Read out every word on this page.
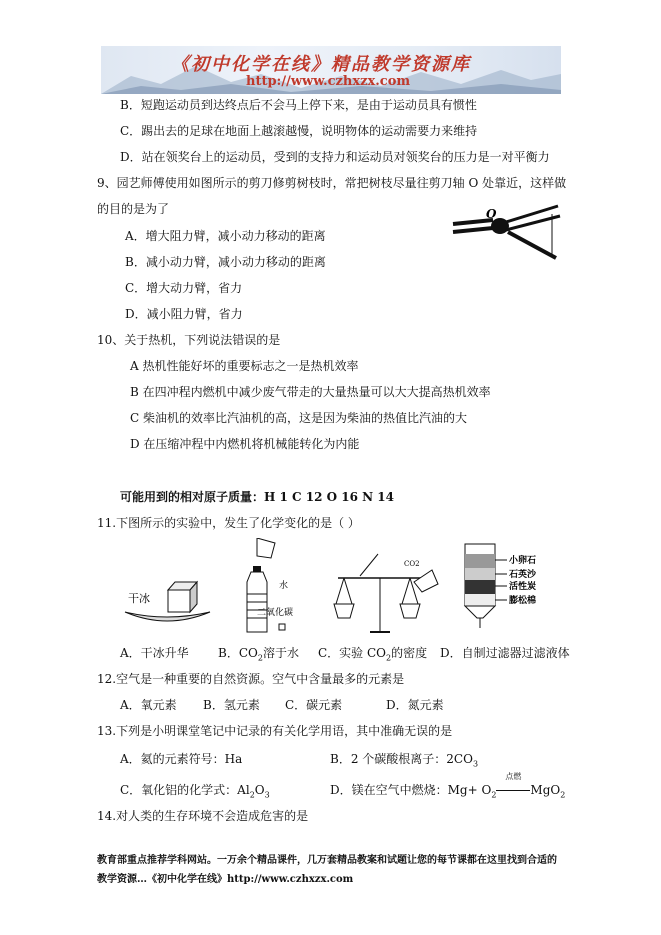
《初中化学在线》精品教学资源库
http://www.czhxzx.com
B．短跑运动员到达终点后不会马上停下来，是由于运动员具有惯性
C．踢出去的足球在地面上越滚越慢，说明物体的运动需要力来维持
D．站在领奖台上的运动员，受到的支持力和运动员对领奖台的压力是一对平衡力
9、园艺师傅使用如图所示的剪刀修剪树枝时，常把树枝尽量往剪刀轴 O 处靠近，这样做
的目的是为了
A．增大阻力臂，减小动力移动的距离
B．减小动力臂，减小动力移动的距离
C．增大动力臂，省力
D．减小阻力臂，省力
O
10、关于热机，下列说法错误的是
A 热机性能好坏的重要标志之一是热机效率
B 在四冲程内燃机中减少废气带走的大量热量可以大大提高热机效率
C 柴油机的效率比汽油机的高，这是因为柴油的热值比汽油的大
D 在压缩冲程中内燃机将机械能转化为内能
可能用到的相对原子质量：H 1 C 12 O 16 N 14
11.下图所示的实验中，发生了化学变化的是（ ）
干冰
水
二氧化碳
CO2	小卵石
石英沙
活性炭
膨松棉
A．干冰升华 B．$CO_2$溶于水 C．实验 $CO_2$的密度 D．自制过滤器过滤液体
12.空气是一种重要的自然资源。空气中含量最多的元素是
A．氧元素 B．氢元素 C．碳元素	D．氮元素
13.下列是小明课堂笔记中记录的有关化学用语，其中准确无误的是
A．氦的元素符号：Ha	B．2 个碳酸根离子：$2CO_3$
C．氧化铝的化学式：$Al_2O_3$	D．镁在空气中燃烧：$Mg+ O_2$
点燃
MgO$_2$
14.对人类的生存环境不会造成危害的是
教育部重点推荐学科网站。一万余个精品课件，几万套精品教案和试题让您的每节课都在这里找到合适的
教学资源…《初中化学在线》http://www.czhxzx.com
